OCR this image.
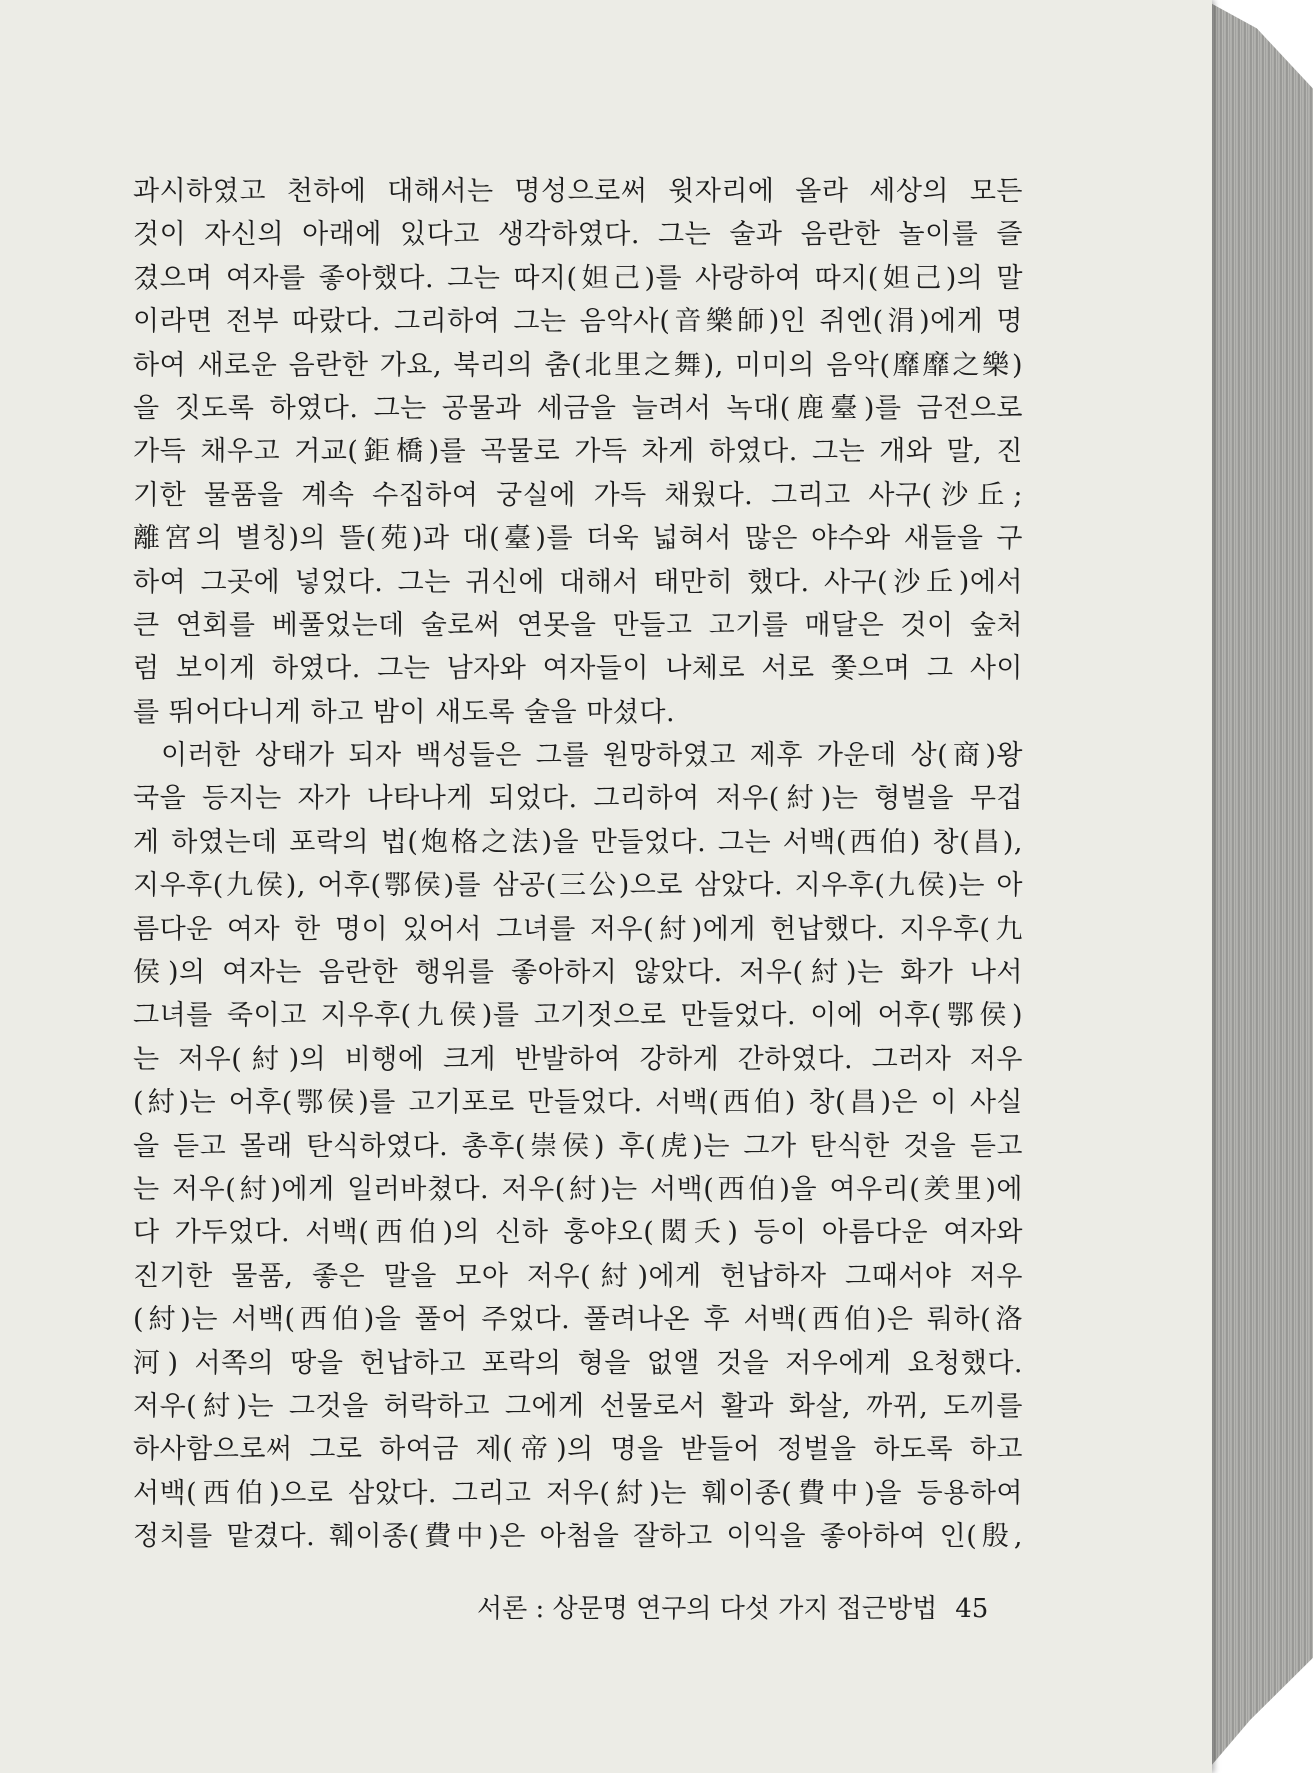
과시하였고 천하에 대해서는 명성으로써 윗자리에 올라 세상의 모든
것이 자신의 아래에 있다고 생각하였다. 그는 술과 음란한 놀이를 즐
겼으며 여자를 좋아했다. 그는 따지(妲己)를 사랑하여 따지(妲己)의 말
이라면 전부 따랐다. 그리하여 그는 음악사(音樂師)인 쥐엔(涓)에게 명
하여 새로운 음란한 가요, 북리의 춤(北里之舞), 미미의 음악(靡靡之樂)
을 짓도록 하였다. 그는 공물과 세금을 늘려서 녹대(鹿臺)를 금전으로
가득 채우고 거교(鉅橋)를 곡물로 가득 차게 하였다. 그는 개와 말, 진
기한 물품을 계속 수집하여 궁실에 가득 채웠다. 그리고 사구(沙丘;
離宮의 별칭)의 뜰(苑)과 대(臺)를 더욱 넓혀서 많은 야수와 새들을 구
하여 그곳에 넣었다. 그는 귀신에 대해서 태만히 했다. 사구(沙丘)에서
큰 연회를 베풀었는데 술로써 연못을 만들고 고기를 매달은 것이 숲처
럼 보이게 하였다. 그는 남자와 여자들이 나체로 서로 쫓으며 그 사이
를 뛰어다니게 하고 밤이 새도록 술을 마셨다.
이러한 상태가 되자 백성들은 그를 원망하였고 제후 가운데 상(商)왕
국을 등지는 자가 나타나게 되었다. 그리하여 저우(紂)는 형벌을 무겁
게 하였는데 포락의 법(炮格之法)을 만들었다. 그는 서백(西伯) 창(昌),
지우후(九侯), 어후(鄂侯)를 삼공(三公)으로 삼았다. 지우후(九侯)는 아
름다운 여자 한 명이 있어서 그녀를 저우(紂)에게 헌납했다. 지우후(九
侯)의 여자는 음란한 행위를 좋아하지 않았다. 저우(紂)는 화가 나서
그녀를 죽이고 지우후(九侯)를 고기젓으로 만들었다. 이에 어후(鄂侯)
는 저우(紂)의 비행에 크게 반발하여 강하게 간하였다. 그러자 저우
(紂)는 어후(鄂侯)를 고기포로 만들었다. 서백(西伯) 창(昌)은 이 사실
을 듣고 몰래 탄식하였다. 총후(崇侯) 후(虎)는 그가 탄식한 것을 듣고
는 저우(紂)에게 일러바쳤다. 저우(紂)는 서백(西伯)을 여우리(羑里)에
다 가두었다. 서백(西伯)의 신하 훙야오(閎夭) 등이 아름다운 여자와
진기한 물품, 좋은 말을 모아 저우(紂)에게 헌납하자 그때서야 저우
(紂)는 서백(西伯)을 풀어 주었다. 풀려나온 후 서백(西伯)은 뤄하(洛
河) 서쪽의 땅을 헌납하고 포락의 형을 없앨 것을 저우에게 요청했다.
저우(紂)는 그것을 허락하고 그에게 선물로서 활과 화살, 까뀌, 도끼를
하사함으로써 그로 하여금 제(帝)의 명을 받들어 정벌을 하도록 하고
서백(西伯)으로 삼았다. 그리고 저우(紂)는 훼이종(費中)을 등용하여
정치를 맡겼다. 훼이종(費中)은 아첨을 잘하고 이익을 좋아하여 인(殷,
서론 : 상문명 연구의 다섯 가지 접근방법 45
